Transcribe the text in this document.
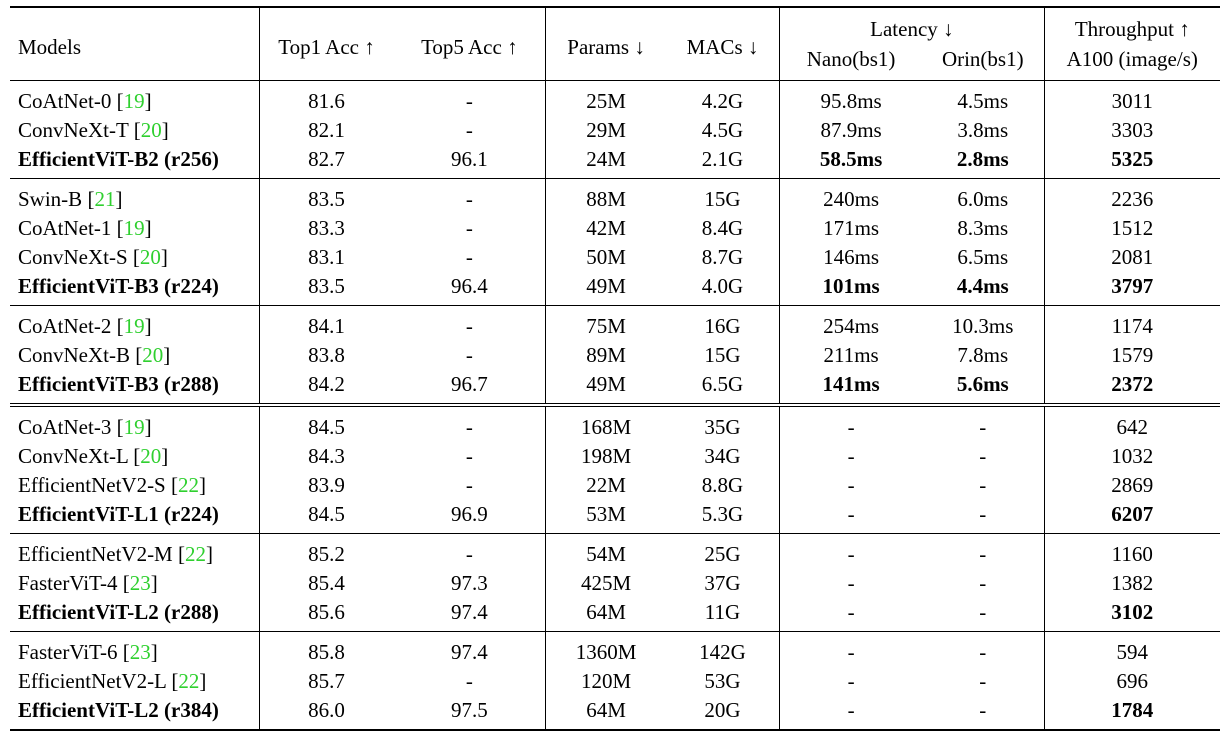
Models	Top1 Acc ↑	Top5 Acc ↑	Params ↓	MACs ↓	Latency ↓		Throughput ↑
					Nano(bs1)	Orin(bs1)	A100 (image/s)
CoAtNet-0 [19]	81.6	-	25M	4.2G	95.8ms	4.5ms	3011
ConvNeXt-T [20]	82.1	-	29M	4.5G	87.9ms	3.8ms	3303
EfficientViT-B2 (r256)	82.7	96.1	24M	2.1G	58.5ms	2.8ms	5325
Swin-B [21]	83.5	-	88M	15G	240ms	6.0ms	2236
CoAtNet-1 [19]	83.3	-	42M	8.4G	171ms	8.3ms	1512
ConvNeXt-S [20]	83.1	-	50M	8.7G	146ms	6.5ms	2081
EfficientViT-B3 (r224)	83.5	96.4	49M	4.0G	101ms	4.4ms	3797
CoAtNet-2 [19]	84.1	-	75M	16G	254ms	10.3ms	1174
ConvNeXt-B [20]	83.8	-	89M	15G	211ms	7.8ms	1579
EfficientViT-B3 (r288)	84.2	96.7	49M	6.5G	141ms	5.6ms	2372
CoAtNet-3 [19]	84.5	-	168M	35G	-	-	642
ConvNeXt-L [20]	84.3	-	198M	34G	-	-	1032
EfficientNetV2-S [22]	83.9	-	22M	8.8G	-	-	2869
EfficientViT-L1 (r224)	84.5	96.9	53M	5.3G	-	-	6207
EfficientNetV2-M [22]	85.2	-	54M	25G	-	-	1160
FasterViT-4 [23]	85.4	97.3	425M	37G	-	-	1382
EfficientViT-L2 (r288)	85.6	97.4	64M	11G	-	-	3102
FasterViT-6 [23]	85.8	97.4	1360M	142G	-	-	594
EfficientNetV2-L [22]	85.7	-	120M	53G	-	-	696
EfficientViT-L2 (r384)	86.0	97.5	64M	20G	-	-	1784
